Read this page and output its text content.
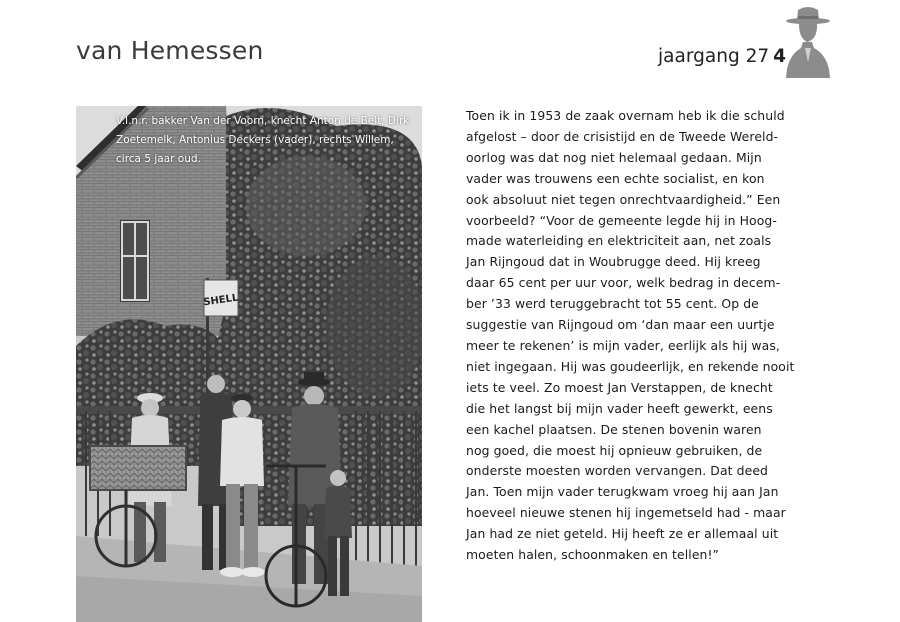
van Hemessen	jaargang 27 4
SHELL
V.l.n.r. bakker Van der Voorn, knecht Anton de Belt, Dirk Zoetemelk, Antonius Deckers (vader), rechts Willem, circa 5 jaar oud.
Toen ik in 1953 de zaak overnam heb ik die schuld
afgelost – door de crisistijd en de Tweede Wereld-
oorlog was dat nog niet helemaal gedaan. Mijn
vader was trouwens een echte socialist, en kon
ook absoluut niet tegen onrechtvaardigheid.” Een
voorbeeld? “Voor de gemeente legde hij in Hoog-
made waterleiding en elektriciteit aan, net zoals
Jan Rijngoud dat in Woubrugge deed. Hij kreeg
daar 65 cent per uur voor, welk bedrag in decem-
ber ’33 werd teruggebracht tot 55 cent. Op de
suggestie van Rijngoud om ‘dan maar een uurtje
meer te rekenen’ is mijn vader, eerlijk als hij was,
niet ingegaan. Hij was goudeerlijk, en rekende nooit
iets te veel. Zo moest Jan Verstappen, de knecht
die het langst bij mijn vader heeft gewerkt, eens
een kachel plaatsen. De stenen bovenin waren
nog goed, die moest hij opnieuw gebruiken, de
onderste moesten worden vervangen. Dat deed
Jan. Toen mijn vader terugkwam vroeg hij aan Jan
hoeveel nieuwe stenen hij ingemetseld had - maar
Jan had ze niet geteld. Hij heeft ze er allemaal uit
moeten halen, schoonmaken en tellen!”
